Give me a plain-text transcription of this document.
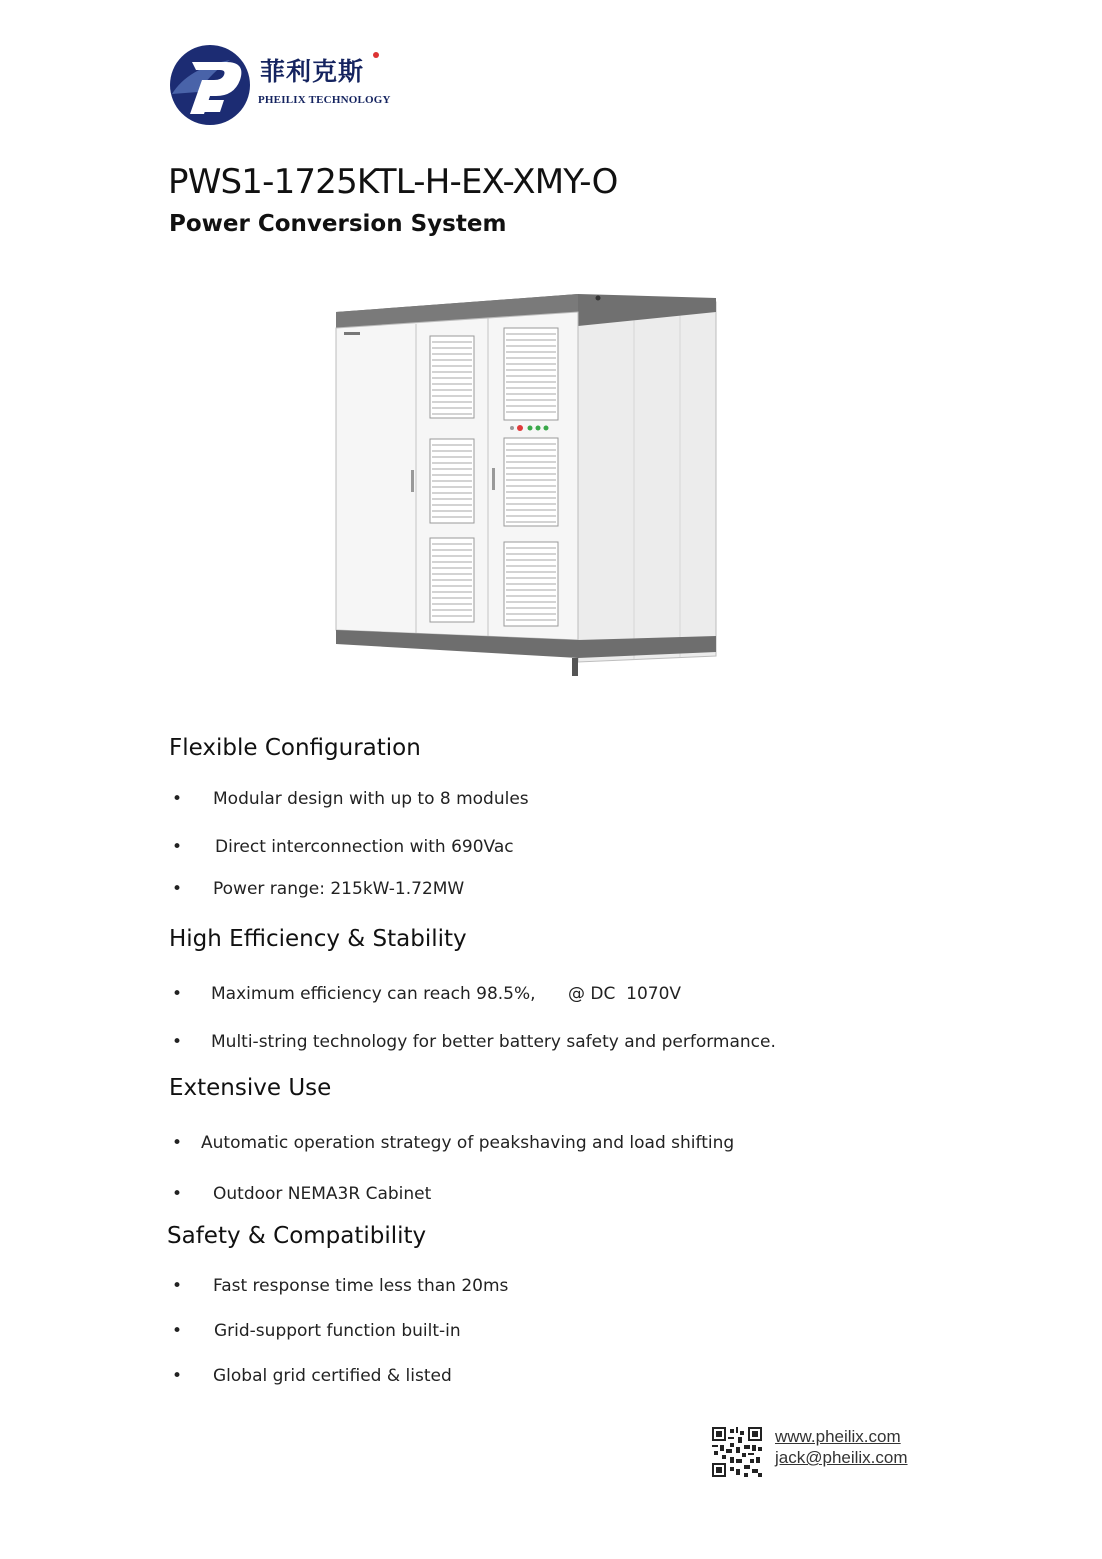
菲利克斯
PHEILIX TECHNOLOGY
PWS1-1725KTL-H-EX-XMY-O
Power Conversion System
Flexible Configuration
• Modular design with up to 8 modules
• Direct interconnection with 690Vac
• Power range: 215kW-1.72MW
High Efficiency & Stability
• Maximum efficiency can reach 98.5%,      @ DC  1070V
• Multi-string technology for better battery safety and performance.
Extensive Use
• Automatic operation strategy of peakshaving and load shifting
• Outdoor NEMA3R Cabinet
Safety & Compatibility
• Fast response time less than 20ms
• Grid-support function built-in
• Global grid certified & listed
www.pheilix.com
jack@pheilix.com
